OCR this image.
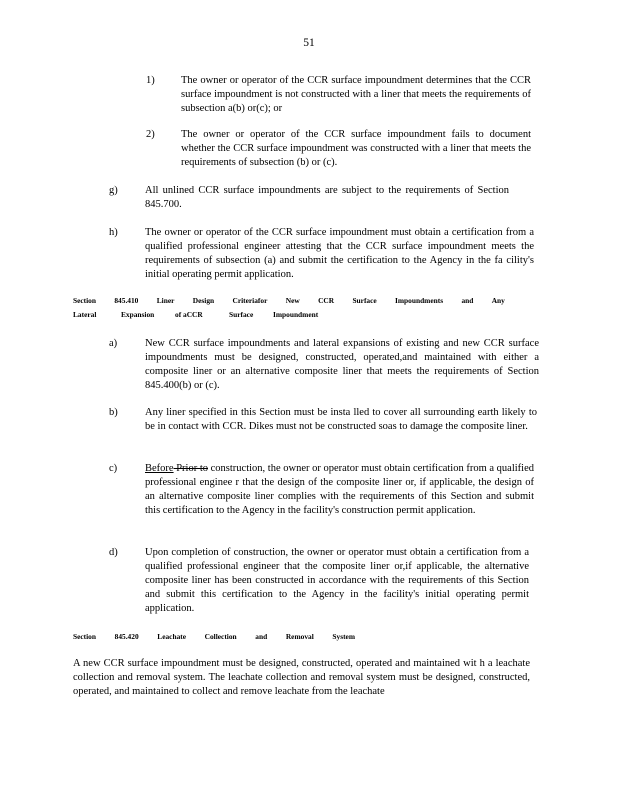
51
1)	The owner or operator of the CCR surface impoundment determines that the CCR surface impoundment is not constructed with a liner that meets the requirements of subsection a(b) or(c); or
2)	The owner or operator of the CCR surface impoundment fails to document whether the CCR surface impoundment was constructed with a liner that meets the requirements of subsection (b) or (c).
g)	All unlined CCR surface impoundments are subject to the requirements of Section 845.700.
h)	The owner or operator of the CCR surface impoundment must obtain a certification from a qualified professional engineer attesting that the CCR surface impoundment meets the requirements of subsection (a) and submit the certification to the Agency in the fa cility's initial operating permit application.
Section 845.410 Liner Design Criteriafor New CCR Surface Impoundments and Any
Lateral	Expansion	of aCCR	Surface	Impoundment
a)	New CCR surface impoundments and lateral expansions of existing and new CCR surface impoundments must be designed, constructed, operated,and maintained with either a composite liner or an alternative composite liner that meets the requirements of Section 845.400(b) or (c).
b)	Any liner specified in this Section must be insta lled to cover all surrounding earth likely to be in contact with CCR. Dikes must not be constructed soas to damage the composite liner.
c)	Before Prior to construction, the owner or operator must obtain certification from a qualified professional enginee r that the design of the composite liner or, if applicable, the design of an alternative composite liner complies with the requirements of this Section and submit this certification to the Agency in the facility's construction permit application.
d)	Upon completion of construction, the owner or operator must obtain a certification from a qualified professional engineer that the composite liner or,if applicable, the alternative composite liner has been constructed in accordance with the requirements of this Section and submit this certification to the Agency in the facility's initial operating permit application.
Section	845.420	Leachate	Collection	and	Removal	System
A new CCR surface impoundment must be designed, constructed, operated and maintained wit h a leachate collection and removal system. The leachate collection and removal system must be designed, constructed, operated, and maintained to collect and remove leachate from the leachate
